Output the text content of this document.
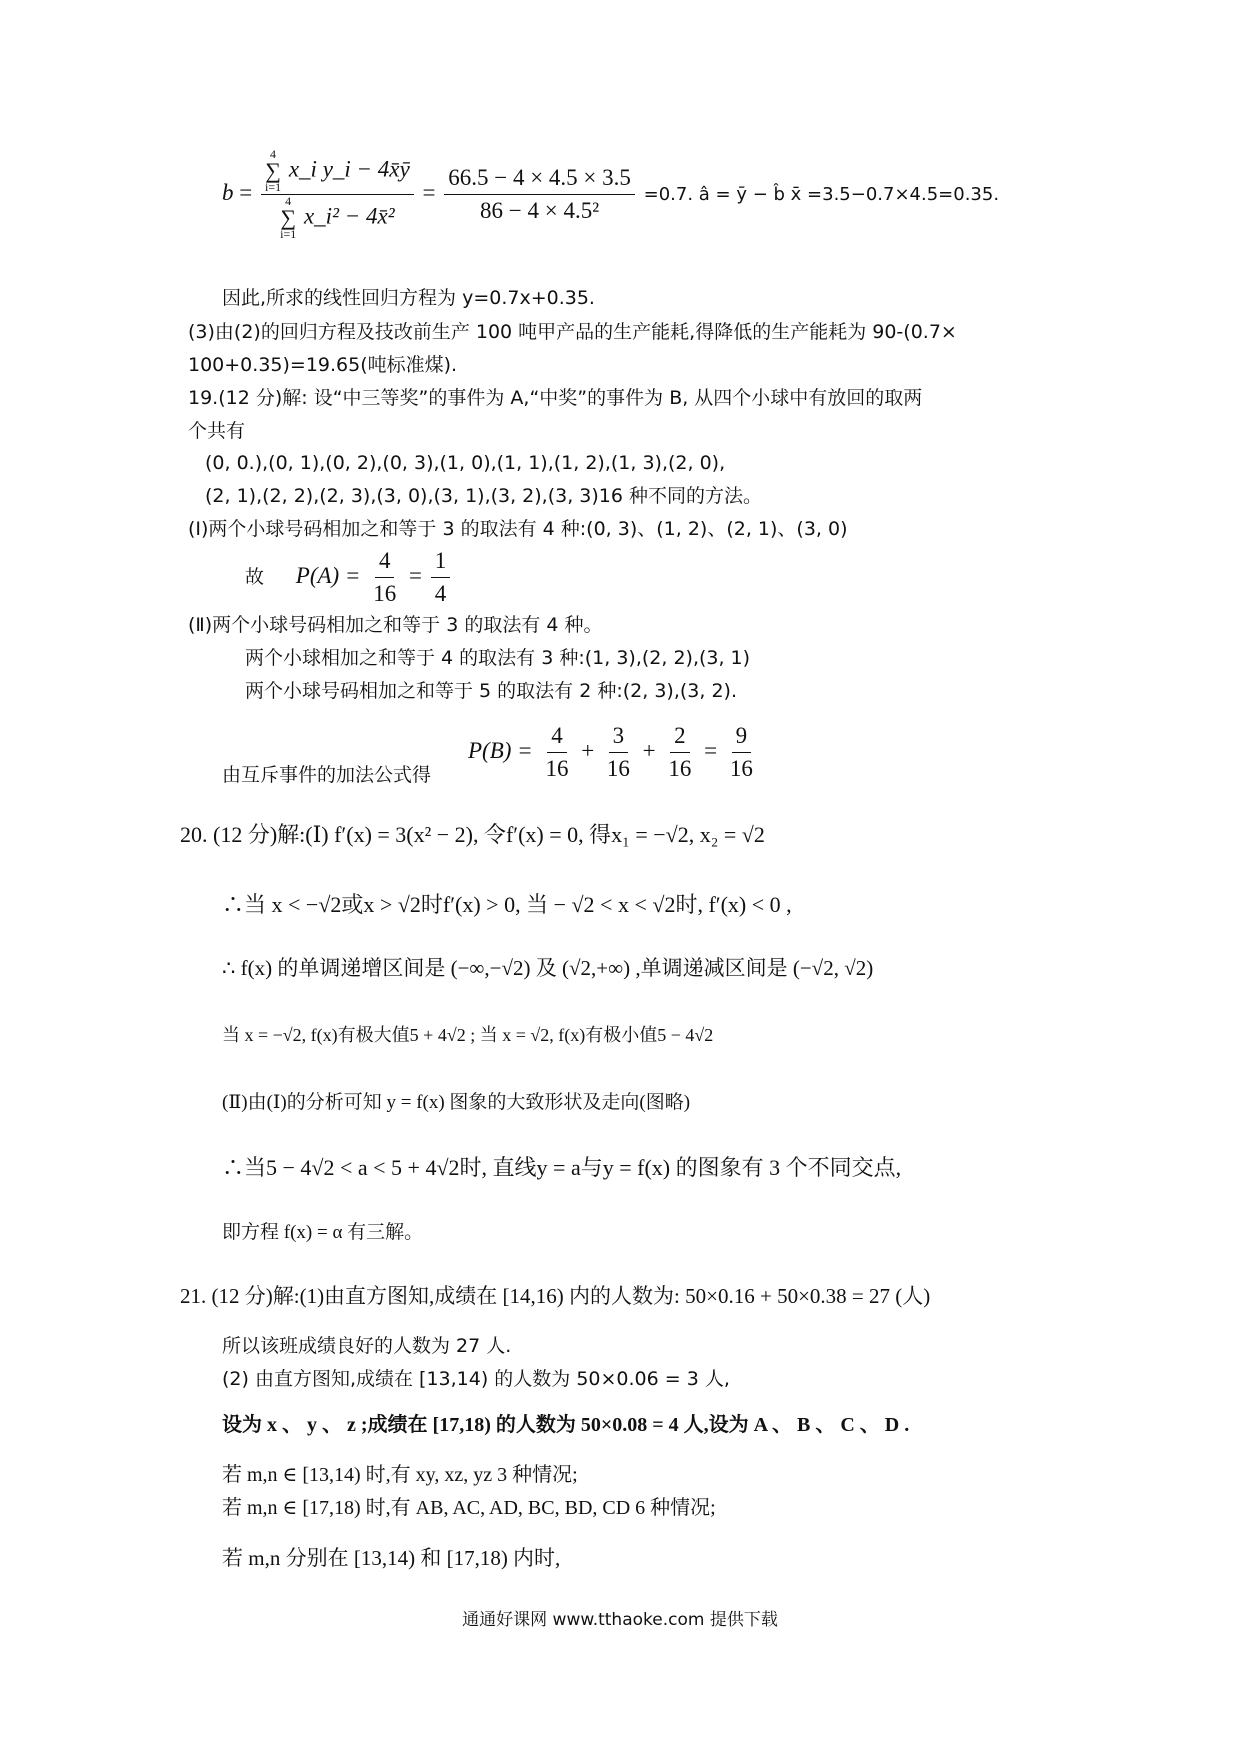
b = 4
∑
i=1
x_i y_i − 4x̄ȳ
4
∑
i=1
x_i² − 4x̄² = $\frac{66.5 - 4 \times 4.5 \times 3.5}{\text{86 − 4 × 4.5²}} =0.7$. â = ȳ − b̂ x̄ =3.5−0.7×4.5=0.35.
因此,所求的线性回归方程为 y=0.7x+0.35.
(3)由(2)的回归方程及技改前生产 100 吨甲产品的生产能耗,得降低的生产能耗为 90-(0.7×
100+0.35)=19.65(吨标准煤).
19.(12 分)解: 设“中三等奖”的事件为 A,“中奖”的事件为 B, 从四个小球中有放回的取两
个共有
(0, 0.),(0, 1),(0, 2),(0, 3),(1, 0),(1, 1),(1, 2),(1, 3),(2, 0),
(2, 1),(2, 2),(2, 3),(3, 0),(3, 1),(3, 2),(3, 3)16 种不同的方法。
(Ⅰ)两个小球号码相加之和等于 3 的取法有 4 种:(0, 3)、(1, 2)、(2, 1)、(3, 0)
故 $P(A) = \frac{4}{16} = \frac{1}{4}$
(Ⅱ)两个小球号码相加之和等于 3 的取法有 4 种。
两个小球相加之和等于 4 的取法有 3 种:(1, 3),(2, 2),(3, 1)
两个小球号码相加之和等于 5 的取法有 2 种:(2, 3),(3, 2).
由互斥事件的加法公式得
$P(B) = \frac{4}{16} + \frac{3}{16} + \frac{2}{16} = \frac{9}{16}$
20. (12 分)解:(Ⅰ) f′(x) = 3(x² − 2), 令f′(x) = 0, 得x₁ = −√2, x₂ = √2
∴当 x < −√2或x > √2时f′(x) > 0, 当 − √2 < x < √2时, f′(x) < 0 ,
∴ f(x) 的单调递增区间是 (−∞,−√2) 及 (√2,+∞) ,单调递减区间是 (−√2, √2)
当 x = −√2, f(x)有极大值5 + 4√2 ; 当 x = √2, f(x)有极小值5 − 4√2
(Ⅱ)由(Ⅰ)的分析可知 y = f(x) 图象的大致形状及走向(图略)
∴当5 − 4√2 < a < 5 + 4√2时, 直线y = a与y = f(x) 的图象有 3 个不同交点,
即方程 f(x) = α 有三解。
21. (12 分)解:(1)由直方图知,成绩在 [14,16) 内的人数为: 50×0.16 + 50×0.38 = 27 (人)
所以该班成绩良好的人数为 27 人.
(2) 由直方图知,成绩在 [13,14) 的人数为 50×0.06 = 3 人,
设为 x 、 y 、 z ;成绩在 [17,18) 的人数为 50×0.08 = 4 人,设为 A 、 B 、 C 、 D .
若 m,n ∈ [13,14) 时,有 xy, xz, yz 3 种情况;
若 m,n ∈ [17,18) 时,有 AB, AC, AD, BC, BD, CD 6 种情况;
若 m,n 分别在 [13,14) 和 [17,18) 内时,
通通好课网 www.tthaoke.com 提供下载
